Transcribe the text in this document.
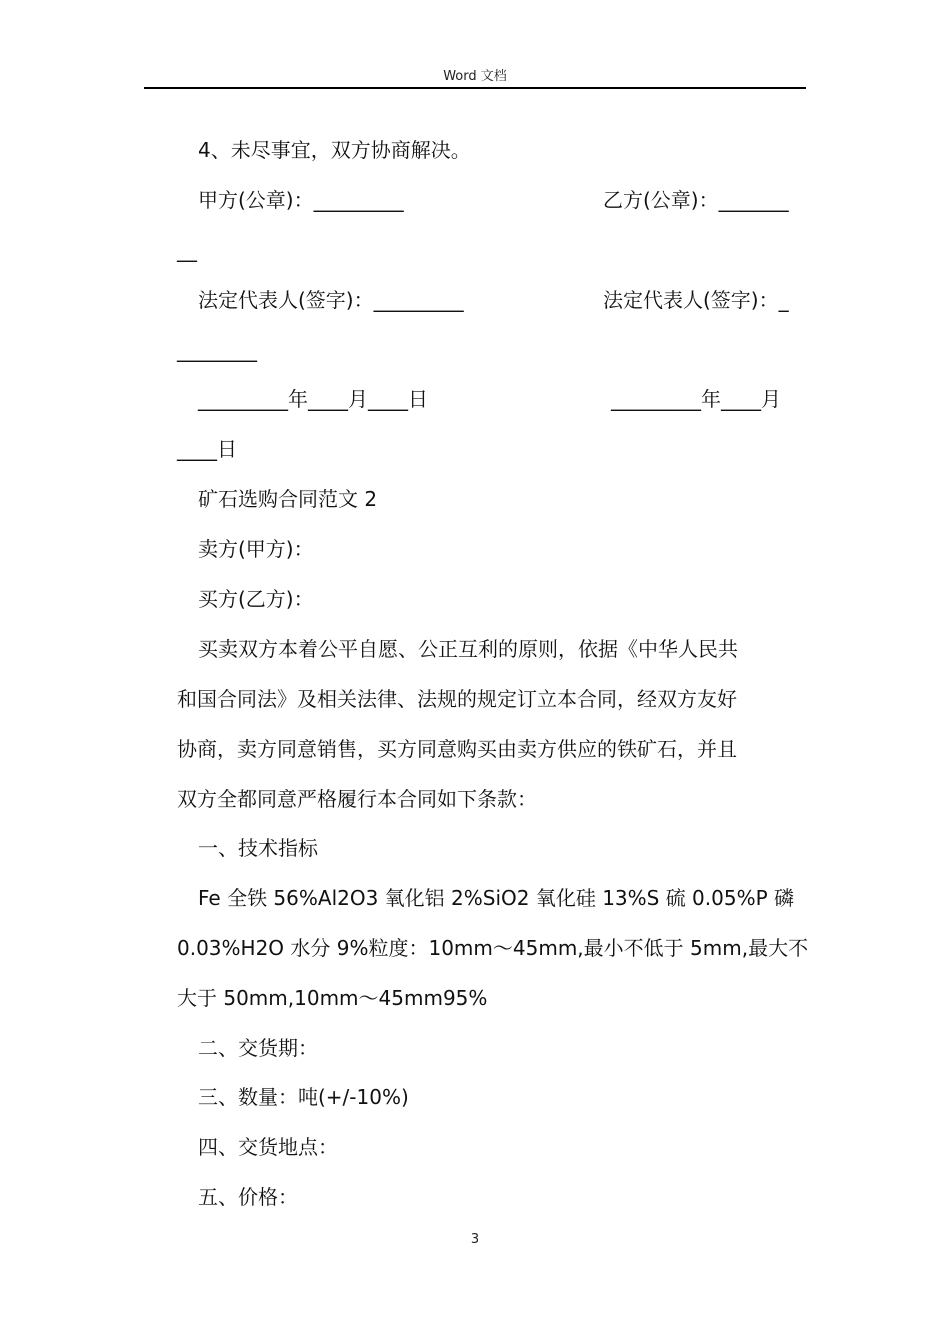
Word 文档
4、未尽事宜，双方协商解决。
甲方(公章)：_________	乙方(公章)：_______
__
法定代表人(签字)：_________	法定代表人(签字)：_
________
_________年____月____日	_________年____月
____日
矿石选购合同范文 2
卖方(甲方)：
买方(乙方)：
买卖双方本着公平自愿、公正互利的原则，依据《中华人民共
和国合同法》及相关法律、法规的规定订立本合同，经双方友好
协商，卖方同意销售，买方同意购买由卖方供应的铁矿石，并且
双方全都同意严格履行本合同如下条款：
一、技术指标
Fe 全铁 56%Al2O3 氧化铝 2%SiO2 氧化硅 13%S 硫 0.05%P 磷
0.03%H2O 水分 9%粒度：10mm～45mm,最小不低于 5mm,最大不
大于 50mm,10mm～45mm95%
二、交货期：
三、数量：吨(+/-10%)
四、交货地点：
五、价格：
3
